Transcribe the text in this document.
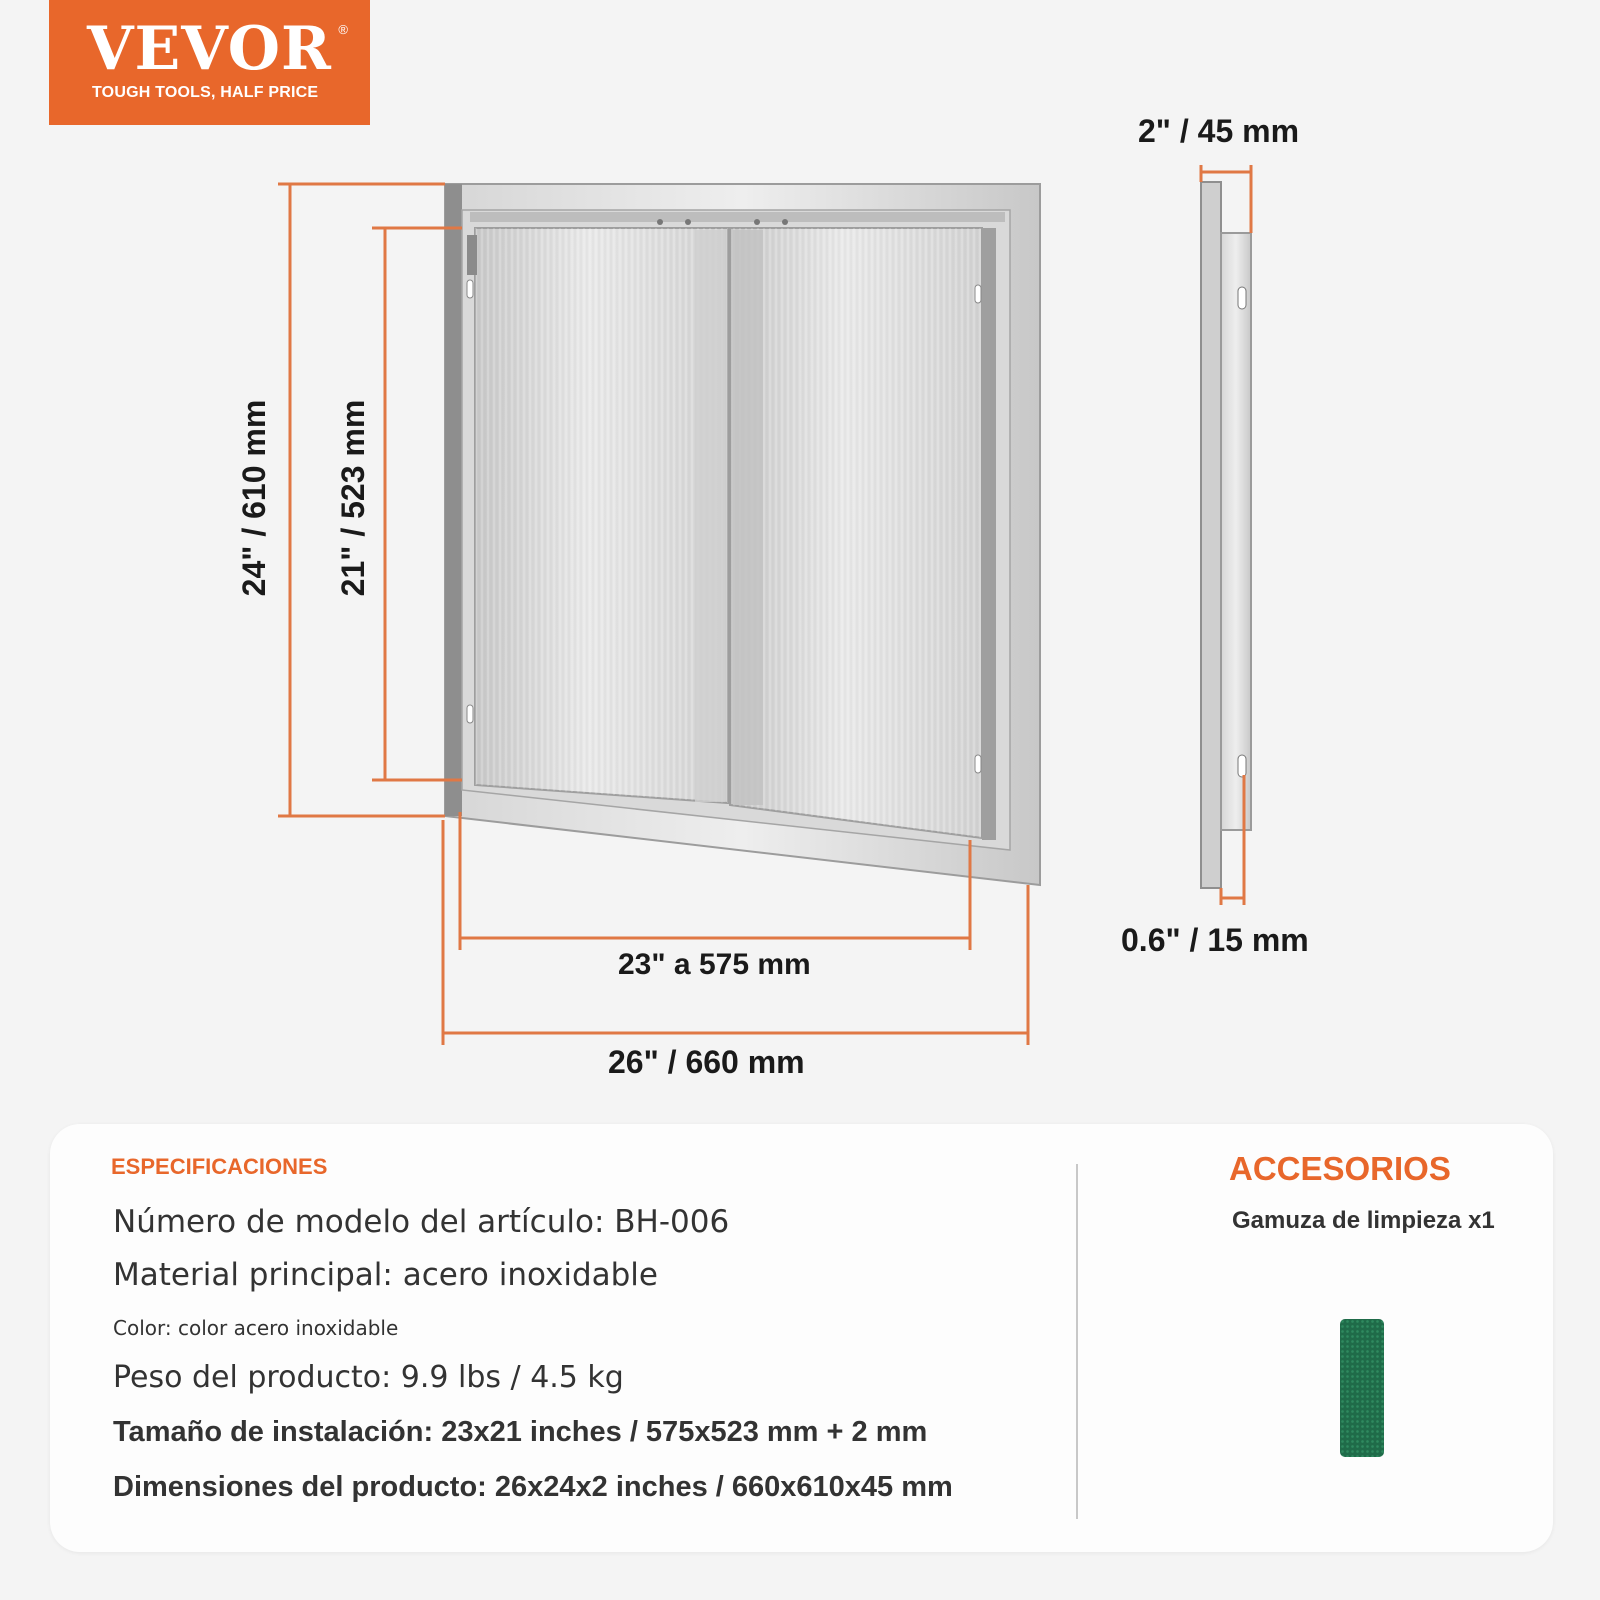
VEVOR ®
TOUGH TOOLS, HALF PRICE
2" / 45 mm
0.6" / 15 mm
23" a 575 mm
26" / 660 mm
24" / 610 mm 21" / 523 mm
ESPECIFICACIONES
Número de modelo del artículo: BH-006
Material principal: acero inoxidable
Color: color acero inoxidable
Peso del producto: 9.9 lbs / 4.5 kg
Tamaño de instalación: 23x21 inches / 575x523 mm + 2 mm
Dimensiones del producto: 26x24x2 inches / 660x610x45 mm
ACCESORIOS
Gamuza de limpieza x1
